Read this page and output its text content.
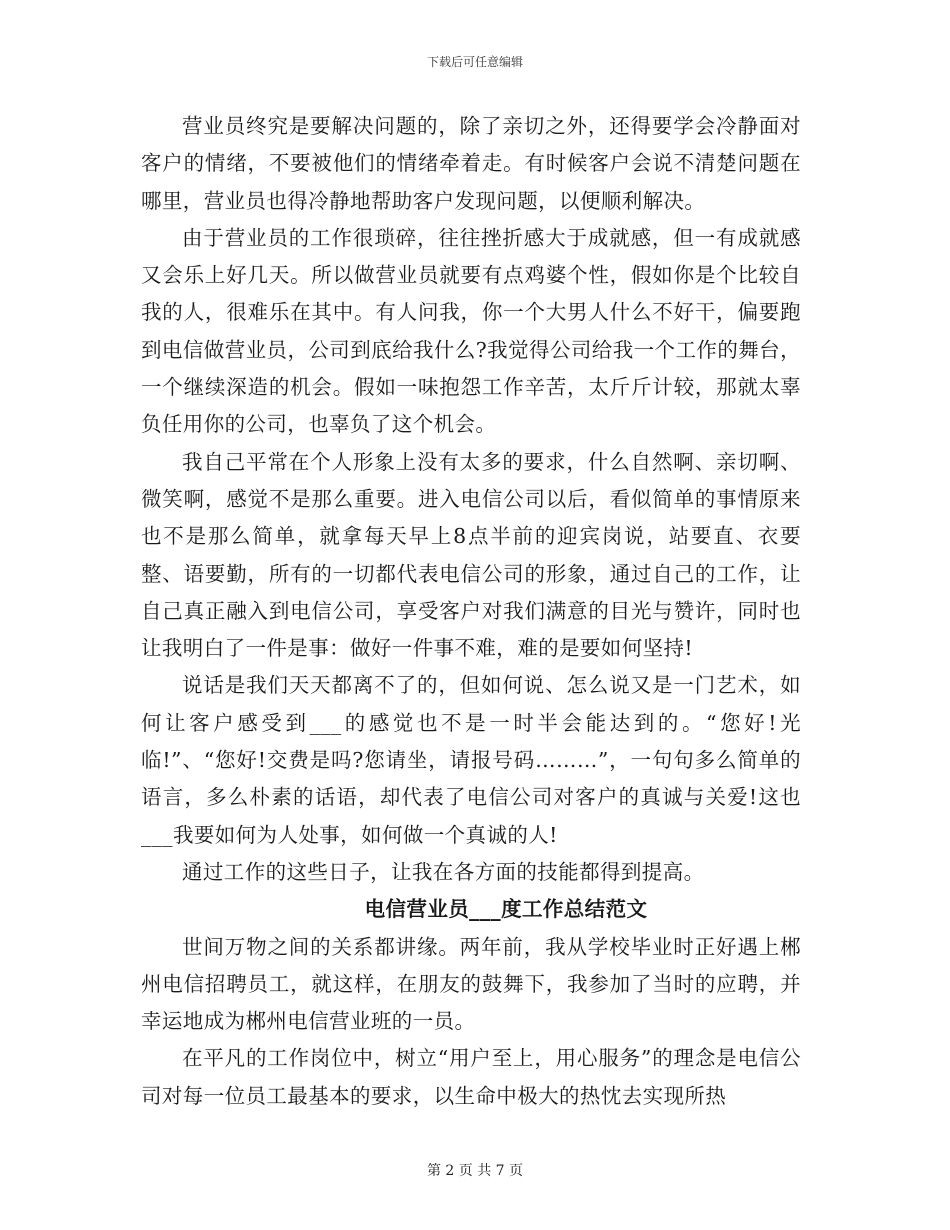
下载后可任意编辑

营业员终究是要解决问题的，除了亲切之外，还得要学会冷静面对客户的情绪，不要被他们的情绪牵着走。有时候客户会说不清楚问题在哪里，营业员也得冷静地帮助客户发现问题，以便顺利解决。

由于营业员的工作很琐碎，往往挫折感大于成就感，但一有成就感又会乐上好几天。所以做营业员就要有点鸡婆个性，假如你是个比较自我的人，很难乐在其中。有人问我，你一个大男人什么不好干，偏要跑到电信做营业员，公司到底给我什么?我觉得公司给我一个工作的舞台，一个继续深造的机会。假如一味抱怨工作辛苦，太斤斤计较，那就太辜负任用你的公司，也辜负了这个机会。

我自己平常在个人形象上没有太多的要求，什么自然啊、亲切啊、微笑啊，感觉不是那么重要。进入电信公司以后，看似简单的事情原来也不是那么简单，就拿每天早上8点半前的迎宾岗说，站要直、衣要整、语要勤，所有的一切都代表电信公司的形象，通过自己的工作，让自己真正融入到电信公司，享受客户对我们满意的目光与赞许，同时也让我明白了一件是事：做好一件事不难，难的是要如何坚持!

说话是我们天天都离不了的，但如何说、怎么说又是一门艺术，如何让客户感受到___的感觉也不是一时半会能达到的。“您好!光临!”、“您好!交费是吗?您请坐，请报号码………”，一句句多么简单的语言，多么朴素的话语，却代表了电信公司对客户的真诚与关爱!这也___我要如何为人处事，如何做一个真诚的人!

通过工作的这些日子，让我在各方面的技能都得到提高。

电信营业员___度工作总结范文

世间万物之间的关系都讲缘。两年前，我从学校毕业时正好遇上郴州电信招聘员工，就这样，在朋友的鼓舞下，我参加了当时的应聘，并幸运地成为郴州电信营业班的一员。

在平凡的工作岗位中，树立“用户至上，用心服务”的理念是电信公司对每一位员工最基本的要求，以生命中极大的热忱去实现所热

第 2 页 共 7 页
